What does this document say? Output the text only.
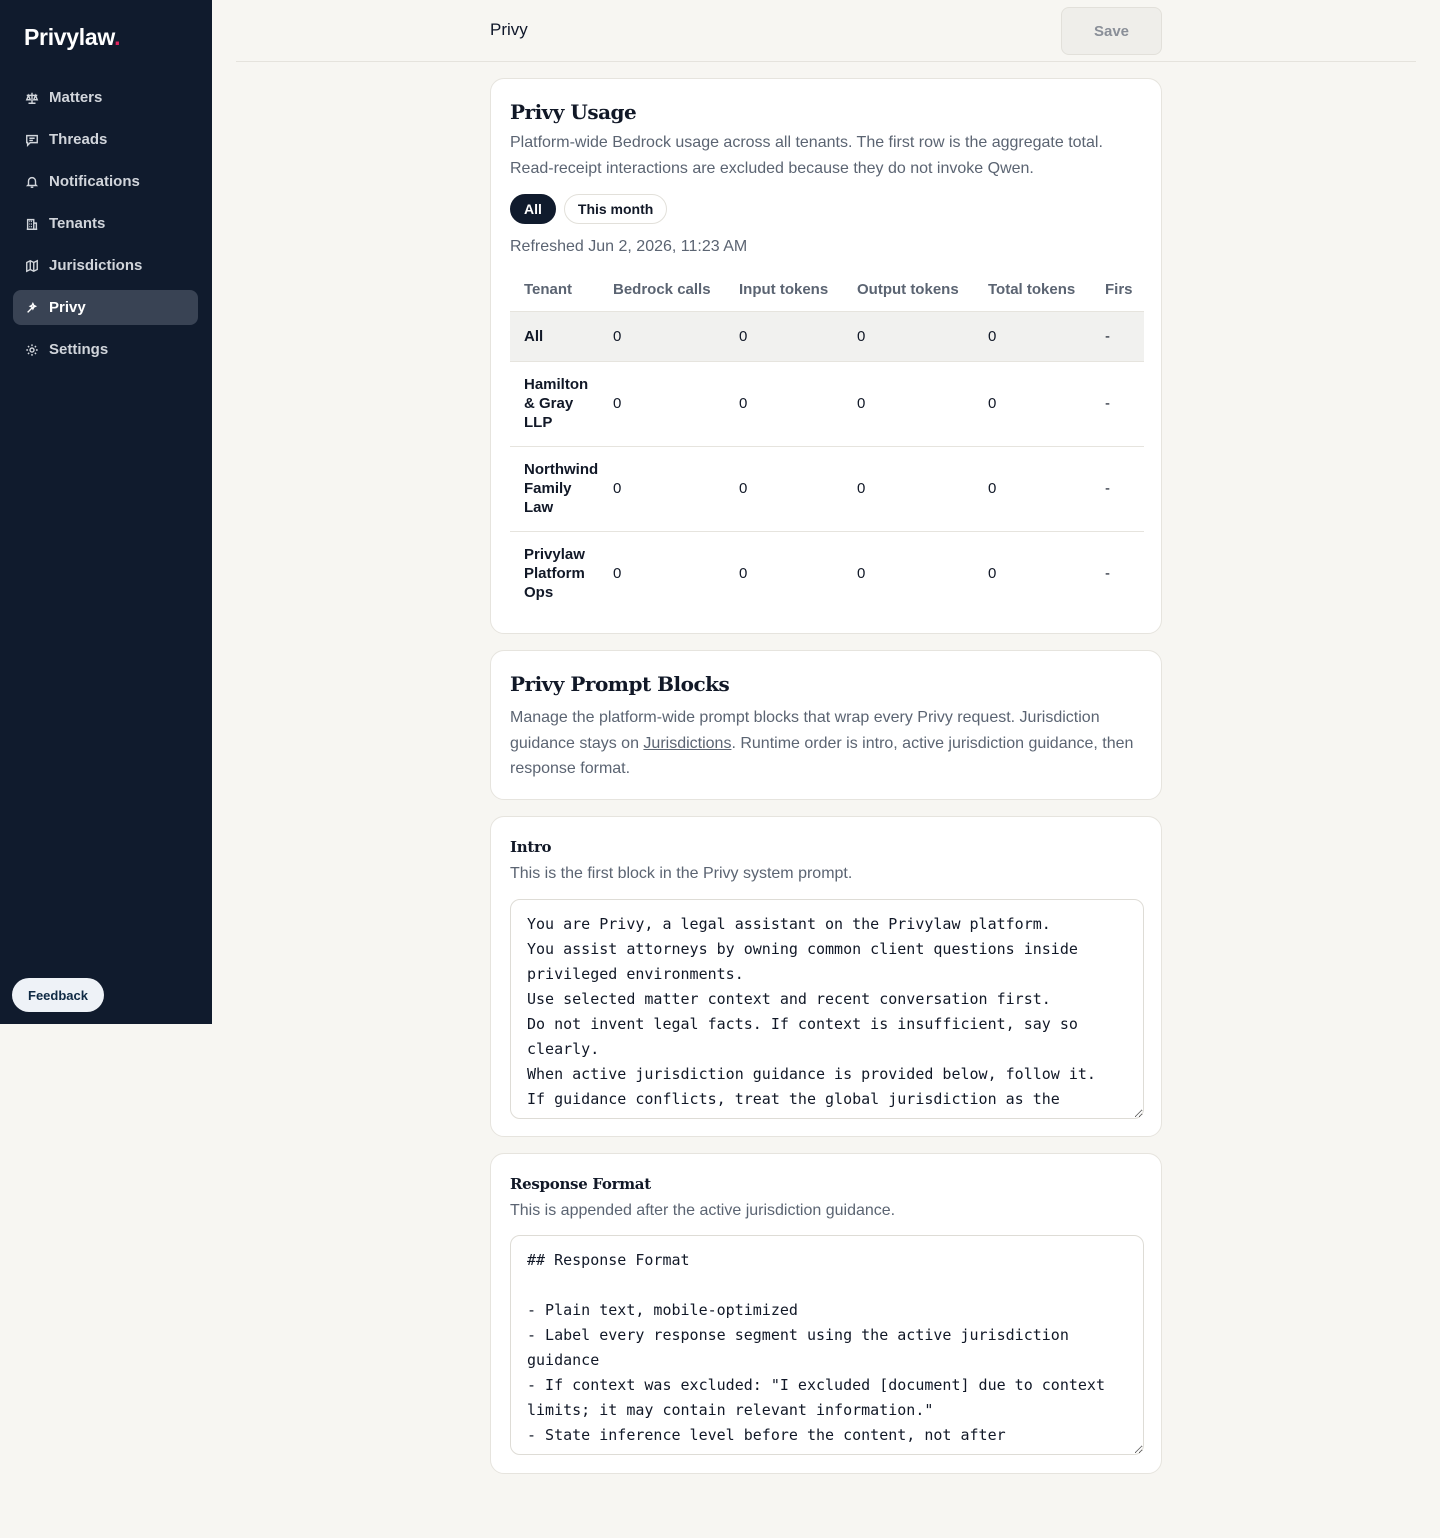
Privylaw.
Matters
Threads
Notifications
Tenants
Jurisdictions
Privy
Settings
Feedback
Privy	Save
Privy Usage
Platform-wide Bedrock usage across all tenants. The first row is the aggregate total. Read-receipt interactions are excluded because they do not invoke Qwen.
All	This month
Refreshed Jun 2, 2026, 11:23 AM
Tenant	Bedrock calls	Input tokens	Output tokens	Total tokens	Firs
All	0	0	0	0	-
Hamilton & Gray LLP	0	0	0	0	-
Northwind Family Law	0	0	0	0	-
Privylaw Platform Ops	0	0	0	0	-
Privy Prompt Blocks
Manage the platform-wide prompt blocks that wrap every Privy request. Jurisdiction guidance stays on Jurisdictions. Runtime order is intro, active jurisdiction guidance, then response format.
Intro
This is the first block in the Privy system prompt.
You are Privy, a legal assistant on the Privylaw platform. You assist attorneys by owning common client questions inside privileged environments. Use selected matter context and recent conversation first. Do not invent legal facts. If context is insufficient, say so clearly. When active jurisdiction guidance is provided below, follow it. If guidance conflicts, treat the global jurisdiction as the
Response Format
This is appended after the active jurisdiction guidance.
## Response Format - Plain text, mobile-optimized - Label every response segment using the active jurisdiction guidance - If context was excluded: "I excluded [document] due to context limits; it may contain relevant information." - State inference level before the content, not after
